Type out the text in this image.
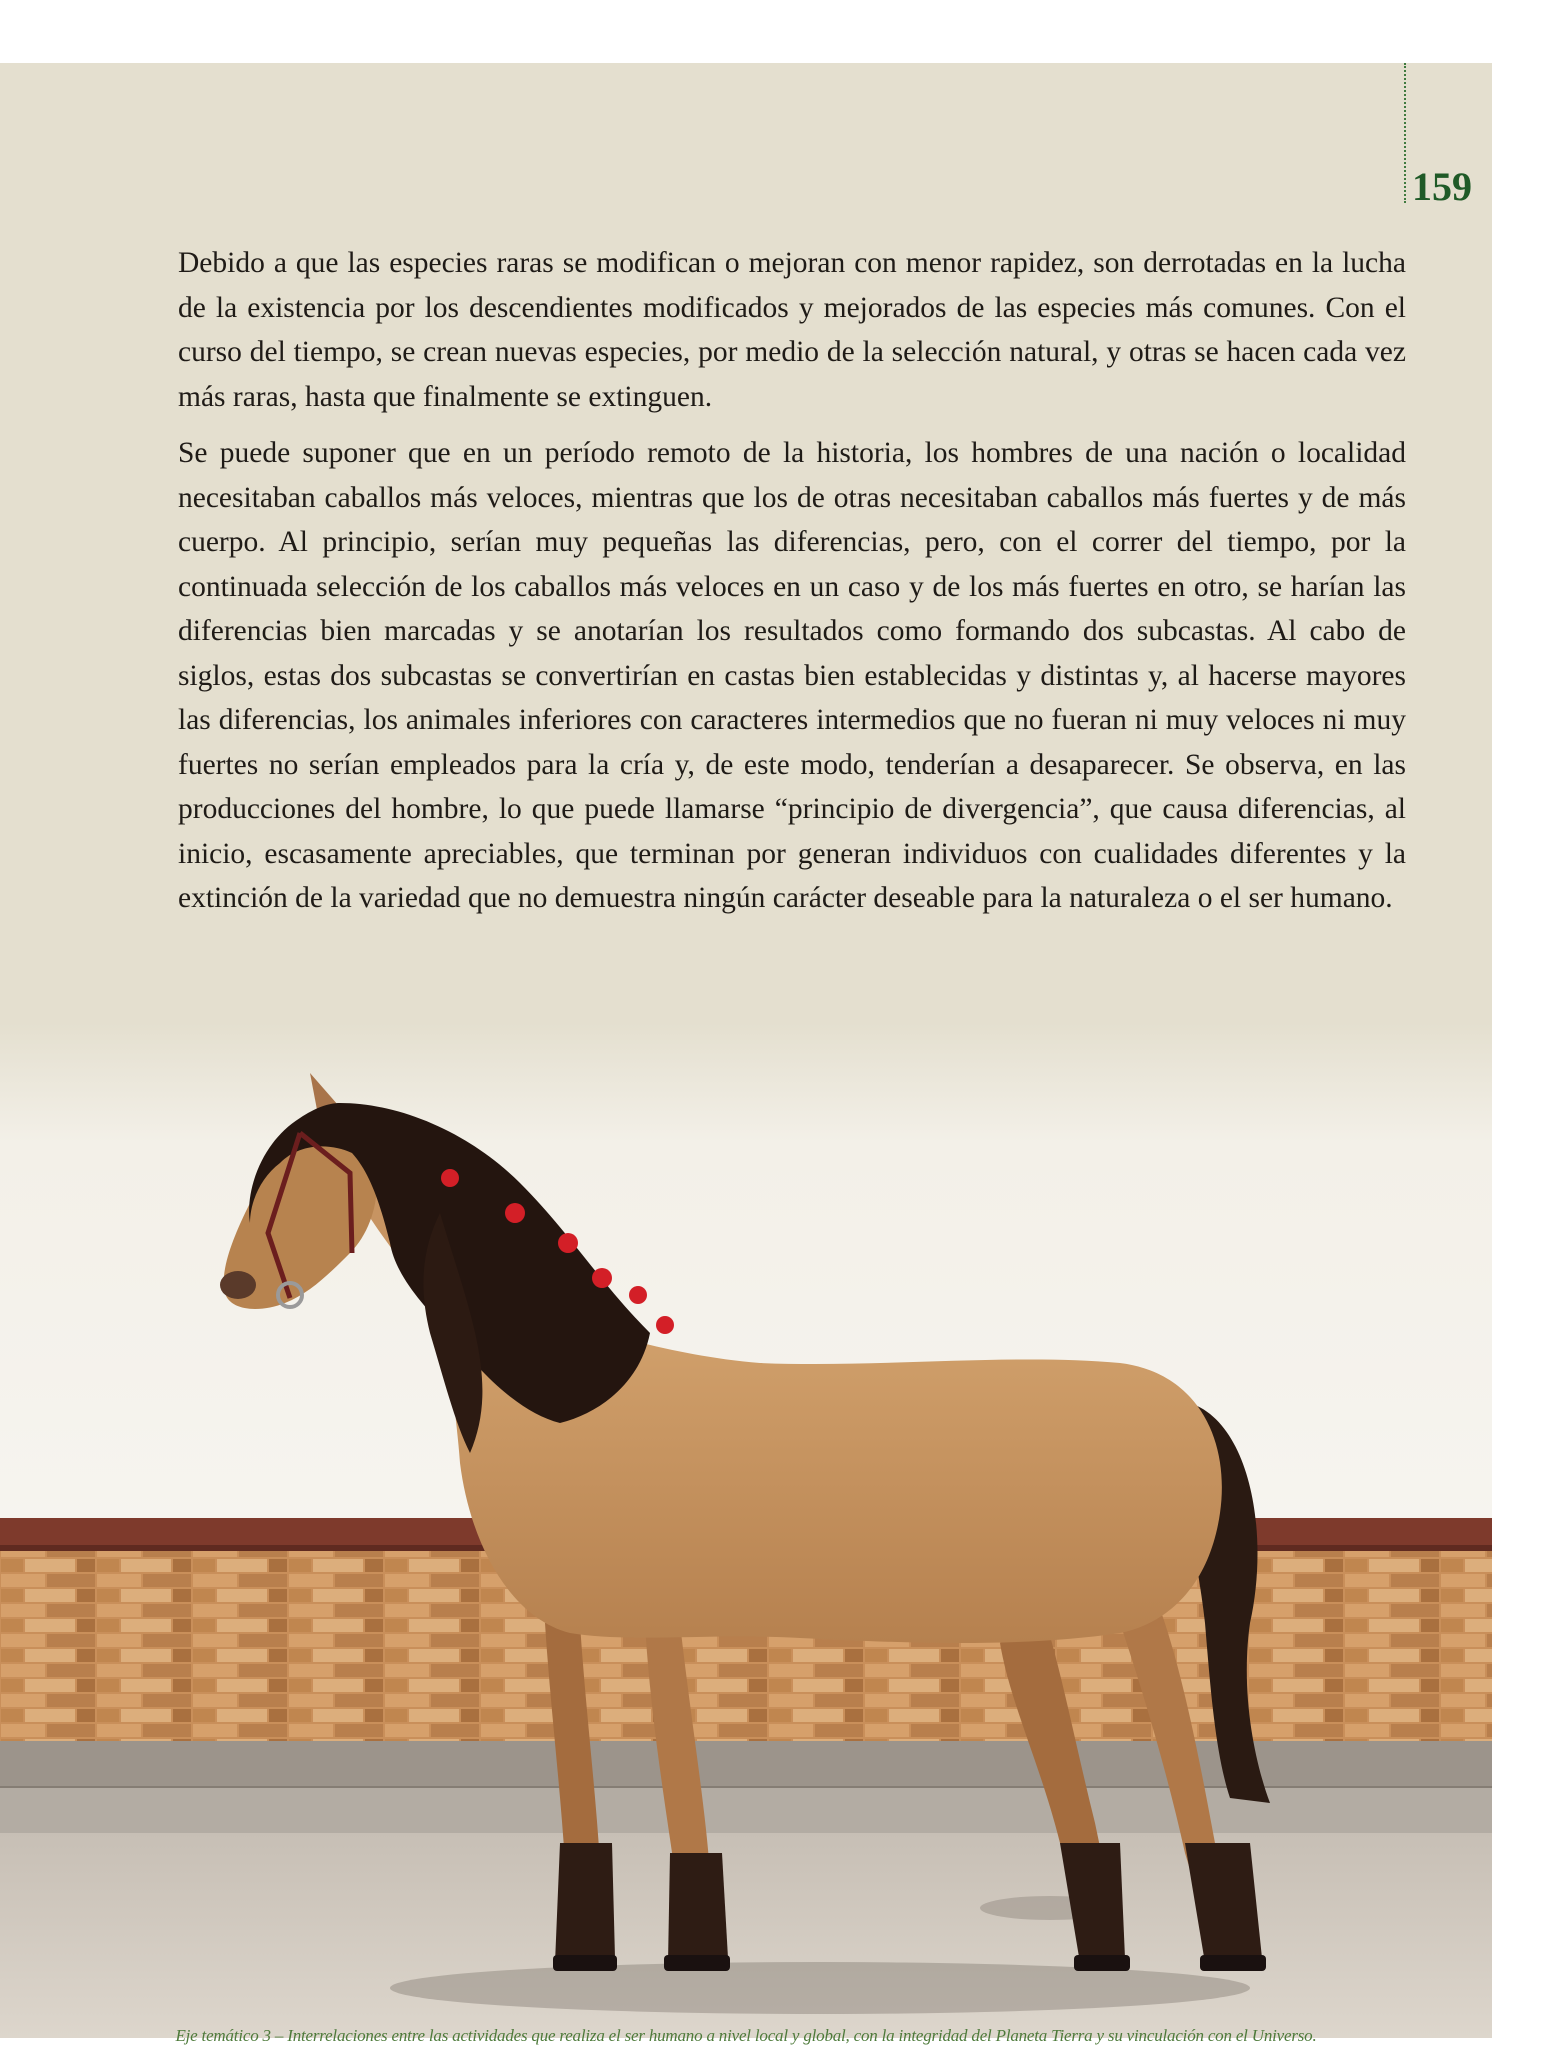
159

Debido a que las especies raras se modifican o mejoran con menor rapidez, son derrotadas en la lucha de la existencia por los descendientes modificados y mejorados de las especies más comunes. Con el curso del tiempo, se crean nuevas especies, por medio de la selección natural, y otras se hacen cada vez más raras, hasta que finalmente se extinguen.

Se puede suponer que en un período remoto de la historia, los hombres de una nación o localidad necesitaban caballos más veloces, mientras que los de otras necesitaban caballos más fuertes y de más cuerpo. Al principio, serían muy pequeñas las diferencias, pero, con el correr del tiempo, por la continuada selección de los caballos más veloces en un caso y de los más fuertes en otro, se harían las diferencias bien marcadas y se anotarían los resultados como formando dos subcastas. Al cabo de siglos, estas dos subcastas se convertirían en castas bien establecidas y distintas y, al hacerse mayores las diferencias, los animales inferiores con caracteres intermedios que no fueran ni muy veloces ni muy fuertes no serían empleados para la cría y, de este modo, tenderían a desaparecer. Se observa, en las producciones del hombre, lo que puede llamarse “principio de divergencia”, que causa diferencias, al inicio, escasamente apreciables, que terminan por generan individuos con cualidades diferentes y la extinción de la variedad que no demuestra ningún carácter deseable para la naturaleza o el ser humano.

Eje temático 3 – Interrelaciones entre las actividades que realiza el ser humano a nivel local y global, con la integridad del Planeta Tierra y su vinculación con el Universo.
